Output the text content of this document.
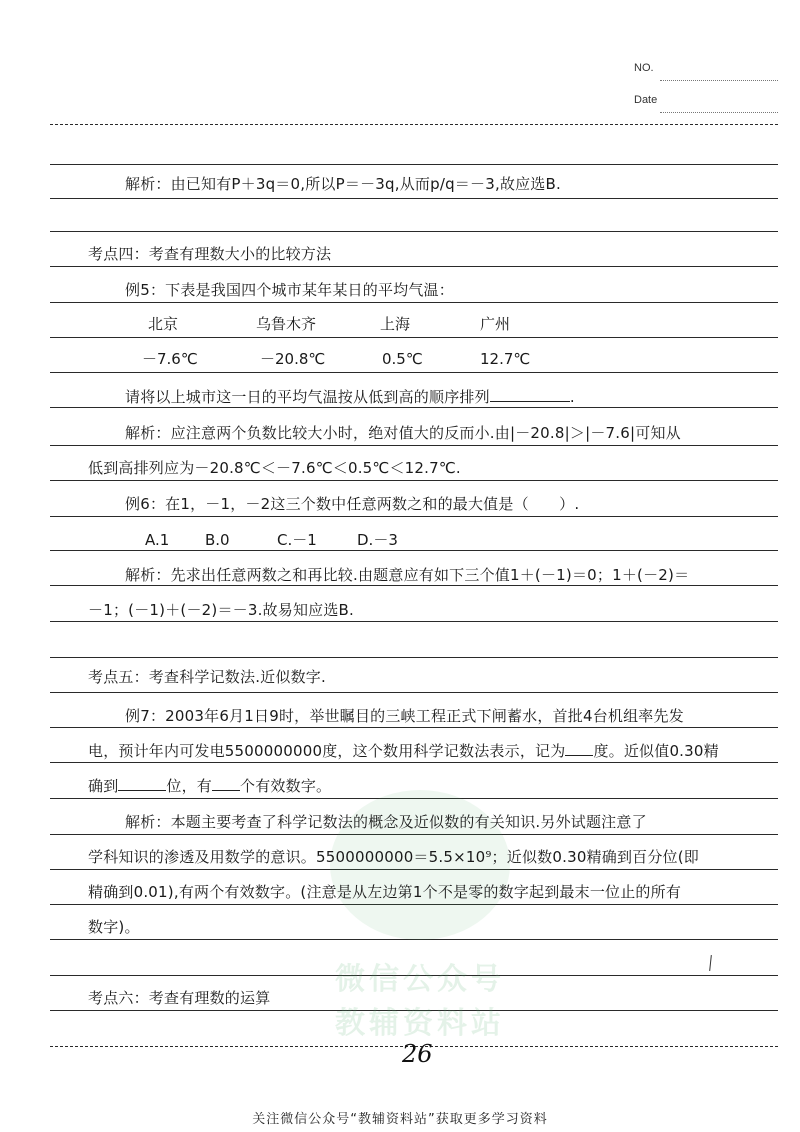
NO.
Date
解析：由已知有P＋3q＝0,所以P＝－3q,从而p/q＝－3,故应选B.
考点四：考查有理数大小的比较方法
例5：下表是我国四个城市某年某日的平均气温：
北京	乌鲁木齐	上海	广州
－7.6℃	－20.8℃	0.5℃	12.7℃
请将以上城市这一日的平均气温按从低到高的顺序排列	.
解析：应注意两个负数比较大小时，绝对值大的反而小.由|－20.8|＞|－7.6|可知从
低到高排列应为－20.8℃＜－7.6℃＜0.5℃＜12.7℃.
例6：在1，－1，－2这三个数中任意两数之和的最大值是（　　）.
A.1 B.0	C.－1	D.－3
解析：先求出任意两数之和再比较.由题意应有如下三个值1＋(－1)＝0；1＋(－2)＝
－1；(－1)＋(－2)＝－3.故易知应选B.
考点五：考查科学记数法.近似数字.
例7：2003年6月1日9时，举世瞩目的三峡工程正式下闸蓄水，首批4台机组率先发
电，预计年内可发电5500000000度，这个数用科学记数法表示，记为 度。近似值0.30精
确到	位，有 个有效数字。
解析：本题主要考查了科学记数法的概念及近似数的有关知识.另外试题注意了
学科知识的渗透及用数学的意识。5500000000＝5.5×10⁹；近似数0.30精确到百分位(即
精确到0.01),有两个有效数字。(注意是从左边第1个不是零的数字起到最末一位止的所有
数字)。
考点六：考查有理数的运算
微信公众号
教辅资料站
26
关注微信公众号“教辅资料站”获取更多学习资料
